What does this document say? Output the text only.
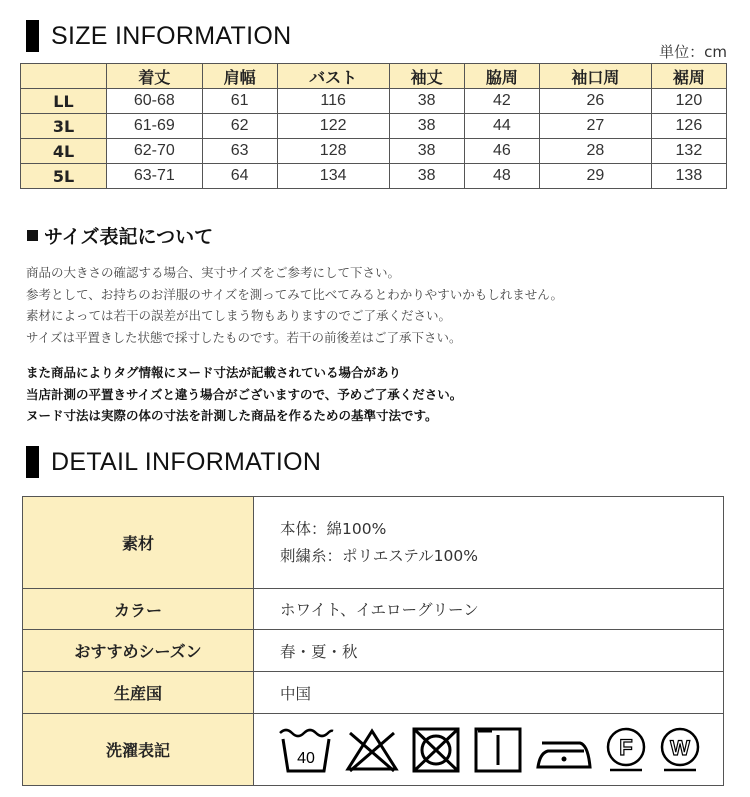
SIZE INFORMATION
単位：cm
	着丈	肩幅	バスト	袖丈	脇周	袖口周	裾周
LL	60-68	61	116	38	42	26	120
3L	61-69	62	122	38	44	27	126
4L	62-70	63	128	38	46	28	132
5L	63-71	64	134	38	48	29	138
サイズ表記について
商品の大きさの確認する場合、実寸サイズをご参考にして下さい。
参考として、お持ちのお洋服のサイズを測ってみて比べてみるとわかりやすいかもしれません。
素材によっては若干の誤差が出てしまう物もありますのでご了承ください。
サイズは平置きした状態で採寸したものです。若干の前後差はご了承下さい。
また商品によりタグ情報にヌード寸法が記載されている場合があり
当店計測の平置きサイズと違う場合がございますので、予めご了承ください。
ヌード寸法は実際の体の寸法を計測した商品を作るための基準寸法です。
DETAIL INFORMATION
素材	本体：綿100%
刺繍糸：ポリエステル100%

カラー	ホワイト、イエローグリーン
おすすめシーズン	春・夏・秋
生産国	中国
洗濯表記	40 F W
